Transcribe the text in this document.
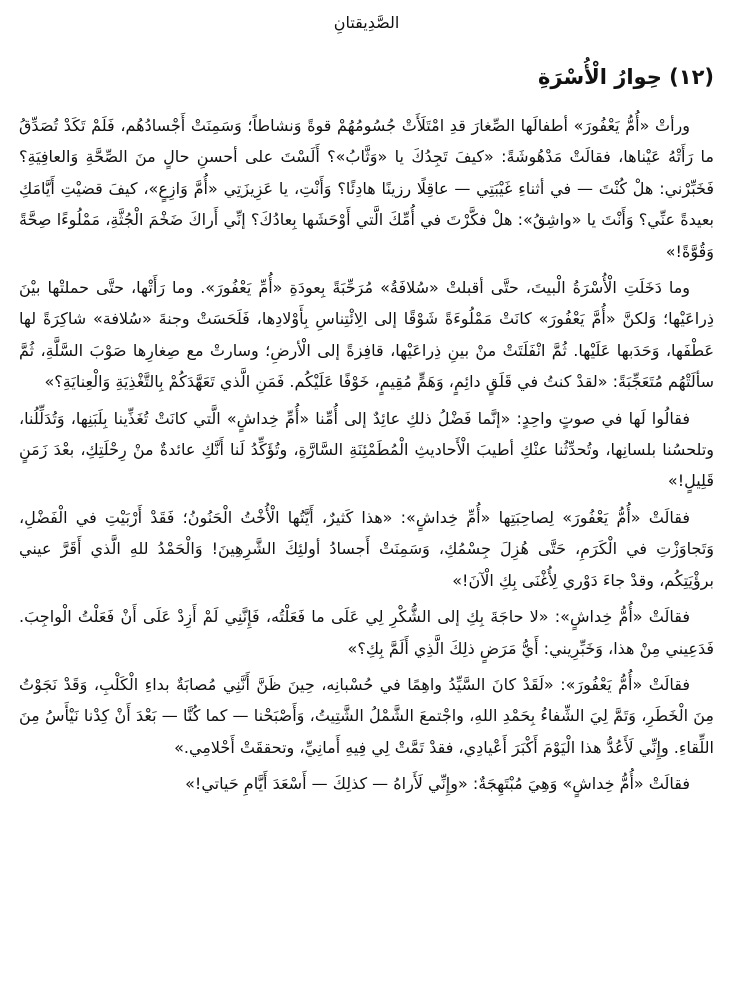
الصَّدِيقتانِ
(١٢) حِوارُ الْأُسْرَةِ

ورأتْ «أُمُّ يَعْفُورَ» أطفالَها الصِّغارَ قدِ امْتَلَأَتْ جُسُومُهُمْ قوةً وَنشاطاً؛ وَسَمِنَتْ أَجْسادُهُم، فَلَمْ تَكَدْ تُصَدِّقُ ما رَأَتْهُ عَيْناها، فقالَتْ مَدْهُوشَةً: «كيفَ تَجِدُكَ يا «وَثَّابُ»؟ أَلَسْتَ على أحسنِ حالٍ منَ الصِّحَّةِ وَالعافِيَةِ؟ فَخَبِّرْني: هلْ كُنْتَ — في أثناءِ غَيْبَتِي — عاقِلًا رزينًا هادِئًا؟ وَأَنْتِ، يا عَزِيزَتِي «أُمَّ وَازِعٍ»، كيفَ قضيْتِ أَيَّامَكِ بعيدةً عنِّي؟ وَأَنْتَ يا «واشِقُ»: هلْ فكَّرْتَ في أُمِّكَ الَّتي أَوْحَشَها بِعادُكَ؟ إنِّي أَراكَ ضَخْمَ الْجُثَّةِ، مَمْلُوءًا صِحَّةً وَقُوَّةً!»

وما دَخَلَتِ الْأُسْرَةُ الْبيتَ، حتَّى أقبلتْ «سُلافَةُ» مُرَحِّبَةً بِعودَةِ «أُمِّ يَعْفُورَ». وما رَأَتْها، حتَّى حملتْها بيْنَ ذِراعَيْها؛ وَلكنَّ «أُمَّ يَعْفُورَ» كانَتْ مَمْلُوءَةً شَوْقًا إلى الِائْتِناسِ بِأَوْلادِها، فَلَحَسَتْ وجنةَ «سُلافة» شاكِرَةً لها عَطْفَها، وَحَدَبها عَلَيْها. ثُمَّ انْفَلَتَتْ منْ بينِ ذِراعَيْها، قافِزةً إلى الْأرضِ؛ وسارتْ مع صِغارِها صَوْبَ السَّلَّةِ، ثُمَّ سألَتْهُم مُتَعَجِّبَةً: «لقدْ كنتُ في قَلَقٍ دائِمٍ، وَهَمٍّ مُقِيمٍ، خَوْفًا عَلَيْكُم. فَمَنِ الَّذي تَعَهَّدَكُمْ بِالتَّغْذِيَةِ وَالْعِنايَةِ؟»

فقالُوا لَها في صوتٍ واحِدٍ: «إنَّما فَضْلُ ذلكِ عائِدٌ إلى أُمِّنا «أُمِّ خِداشٍ» الَّتي كانَتْ تُغَذِّينا بِلَبَنِها، وَتُدَلِّلُنا، وتلحسُنا بلسانِها، وتُحدِّثُنا عنْكِ أطيبَ الْأَحاديثِ الْمُطَمْئِنَةِ السَّارَّةِ، وتُؤَكِّدُ لَنا أَنَّكِ عائدةٌ منْ رِحْلَتِكِ، بعْدَ زَمَنٍ قَلِيلٍ!»

فقالَتْ «أُمُّ يَعْفُورَ» لِصاحِبَتِها «أُمِّ خِداشٍ»: «هذا كَثيرٌ، أَيَّتُها الْأُخْتُ الْحَنُونُ؛ فَقَدْ أَرْبَيْتِ في الْفَضْلِ، وَتَجاوَزْتِ في الْكَرَمِ، حَتَّى هُزِلَ جِسْمُكِ، وَسَمِنَتْ أَجسادُ أولئِكَ الشَّرِهِينَ! وَالْحَمْدُ للهِ الَّذي أَقَرَّ عيني برؤْيَتِكُم، وقدْ جاءَ دَوْري لِأُغْنَى بِكِ الْآنَ!»

فقالَتْ «أُمُّ خِداشٍ»: «لا حاجَةَ بِكِ إلى الشُّكْرِ لِي عَلَى ما فَعَلْتُه، فَإِنَّنِي لَمْ أَزِدْ عَلَى أَنْ فَعَلْتُ الْواجِبَ. فَدَعِيني مِنْ هذا، وَخَبِّرِيني: أَيُّ مَرَضٍ ذلِكَ الَّذِي أَلَمَّ بِكِ؟»

فقالَتْ «أُمُّ يَعْفُورَ»: «لَقَدْ كانَ السَّيِّدُ واهِمًا في حُسْبانِه، حِينَ ظَنَّ أَنَّنِي مُصابَةٌ بداءِ الْكَلْبِ، وَقَدْ نَجَوْتُ مِنَ الْخَطَرِ، وَتَمَّ لِيَ الشِّفاءُ بِحَمْدِ اللهِ، واجْتمعَ الشَّمْلُ الشَّتِيتُ، وَأَصْبَحْنا — كما كُنَّا — بَعْدَ أَنْ كِدْنا نَيْأَسُ مِنَ اللِّقاءِ. وإِنِّي لَأَعُدُّ هذا الْيَوْمَ أَكْبَرَ أَعْيادِي، فقدْ تَمَّتْ لِي فِيهِ أَمانِيِّ، وتحققَتْ أَحْلامِي.»

فقالَتْ «أُمُّ خِداشٍ» وَهِيَ مُبْتَهِجَةٌ: «وإِنِّي لَأَراهُ — كذلِكَ — أَسْعَدَ أَيَّامِ حَياتي!»
